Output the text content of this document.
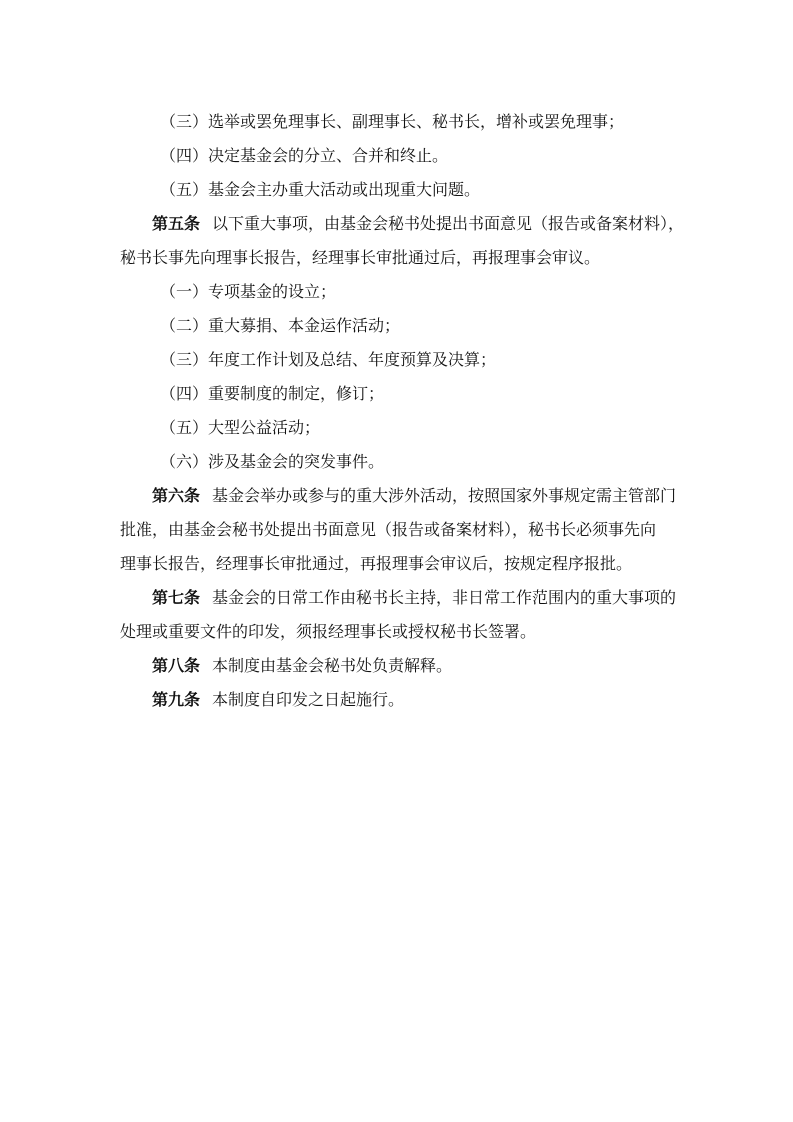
（三）选举或罢免理事长、副理事长、秘书长，增补或罢免理事；
（四）决定基金会的分立、合并和终止。
（五）基金会主办重大活动或出现重大问题。
第五条 以下重大事项，由基金会秘书处提出书面意见（报告或备案材料），
秘书长事先向理事长报告，经理事长审批通过后，再报理事会审议。
（一）专项基金的设立；
（二）重大募捐、本金运作活动；
（三）年度工作计划及总结、年度预算及决算；
（四）重要制度的制定，修订；
（五）大型公益活动；
（六）涉及基金会的突发事件。
第六条 基金会举办或参与的重大涉外活动，按照国家外事规定需主管部门
批准，由基金会秘书处提出书面意见（报告或备案材料），秘书长必须事先向
理事长报告，经理事长审批通过，再报理事会审议后，按规定程序报批。
第七条 基金会的日常工作由秘书长主持，非日常工作范围内的重大事项的
处理或重要文件的印发，须报经理事长或授权秘书长签署。
第八条 本制度由基金会秘书处负责解释。
第九条 本制度自印发之日起施行。
